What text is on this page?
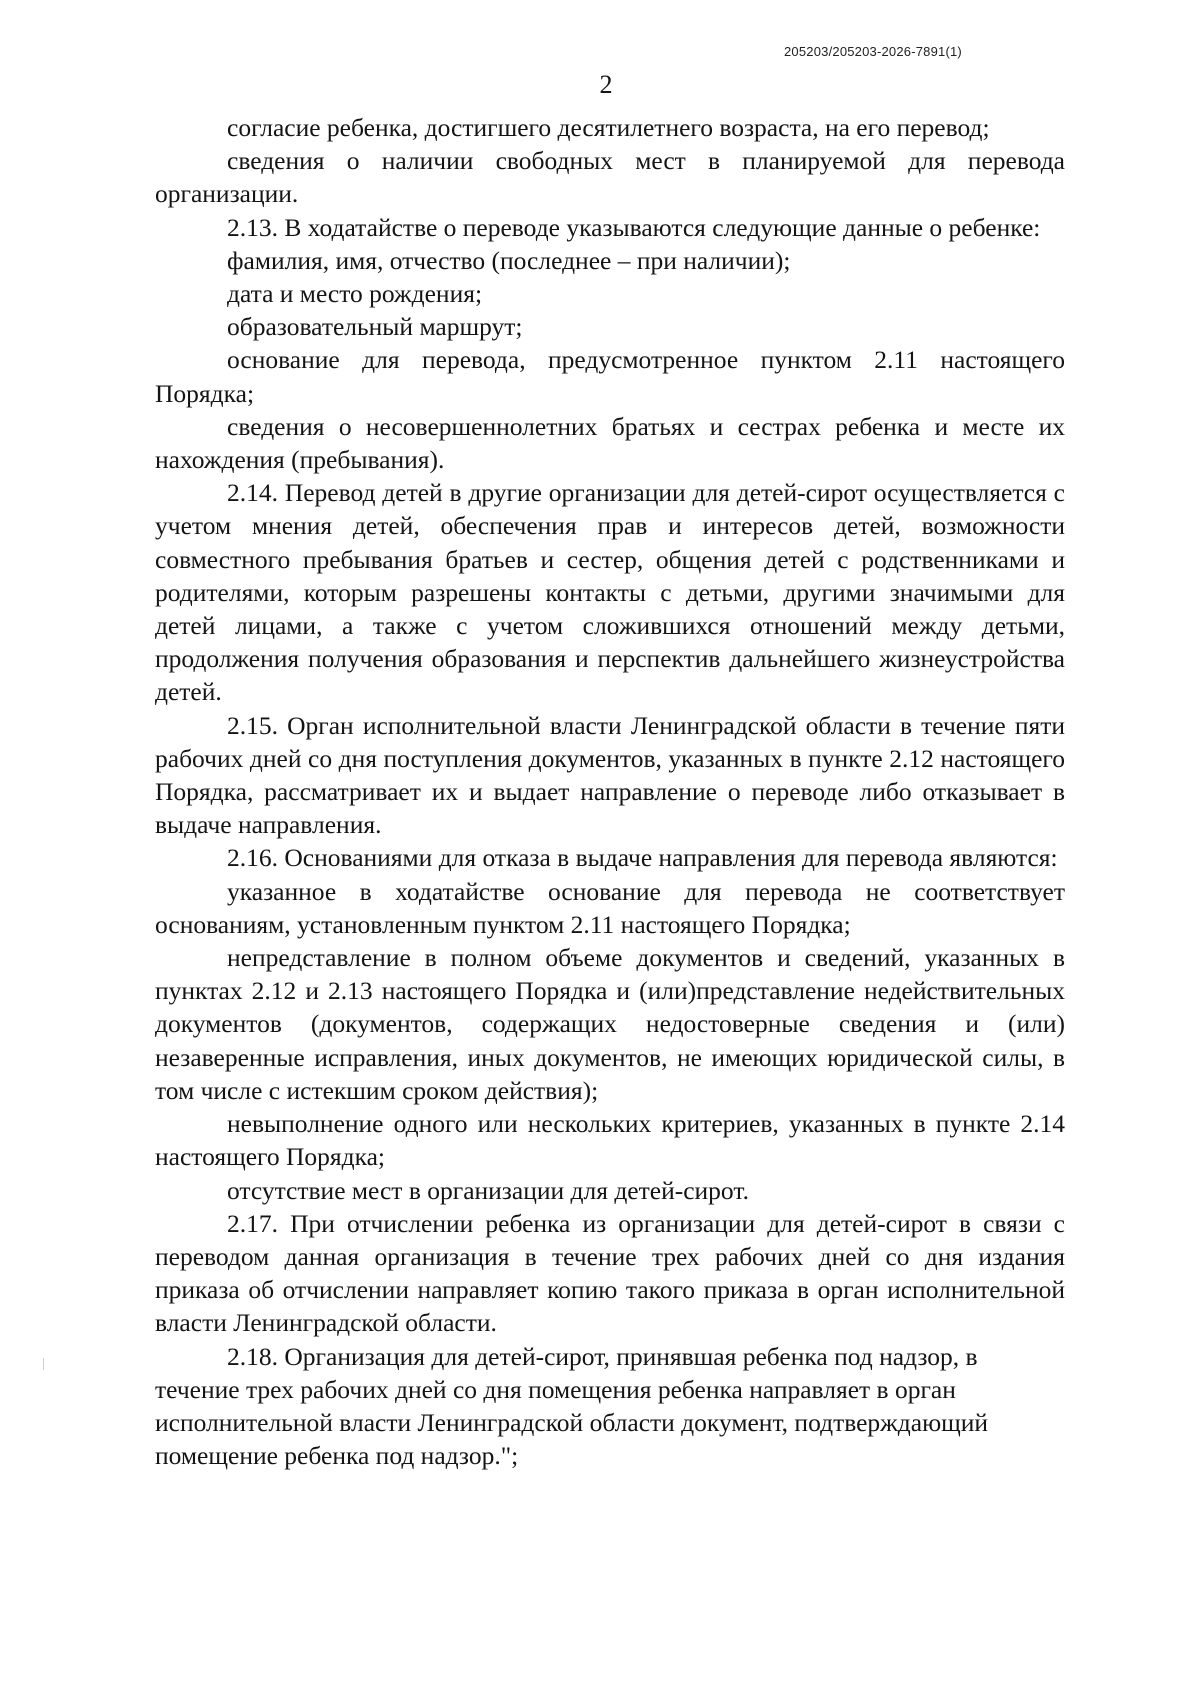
205203/205203-2026-7891(1)
2

согласие ребенка, достигшего десятилетнего возраста, на его перевод;

сведения о наличии свободных мест в планируемой для перевода организации.

2.13. В ходатайстве о переводе указываются следующие данные о ребенке:

фамилия, имя, отчество (последнее – при наличии);

дата и место рождения;

образовательный маршрут;

основание для перевода, предусмотренное пунктом 2.11 настоящего Порядка;

сведения о несовершеннолетних братьях и сестрах ребенка и месте их нахождения (пребывания).

2.14. Перевод детей в другие организации для детей-сирот осуществляется с учетом мнения детей, обеспечения прав и интересов детей, возможности совместного пребывания братьев и сестер, общения детей с родственниками и родителями, которым разрешены контакты с детьми, другими значимыми для детей лицами, а также с учетом сложившихся отношений между детьми, продолжения получения образования и перспектив дальнейшего жизнеустройства детей.

2.15. Орган исполнительной власти Ленинградской области в течение пяти рабочих дней со дня поступления документов, указанных в пункте 2.12 настоящего Порядка, рассматривает их и выдает направление о переводе либо отказывает в выдаче направления.

2.16. Основаниями для отказа в выдаче направления для перевода являются:

указанное в ходатайстве основание для перевода не соответствует основаниям, установленным пунктом 2.11 настоящего Порядка;

непредставление в полном объеме документов и сведений, указанных в пунктах 2.12 и 2.13 настоящего Порядка и (или)представление недействительных документов (документов, содержащих недостоверные сведения и (или) незаверенные исправления, иных документов, не имеющих юридической силы, в том числе с истекшим сроком действия);

невыполнение одного или нескольких критериев, указанных в пункте 2.14 настоящего Порядка;

отсутствие мест в организации для детей-сирот.

2.17. При отчислении ребенка из организации для детей-сирот в связи с переводом данная организация в течение трех рабочих дней со дня издания приказа об отчислении направляет копию такого приказа в орган исполнительной власти Ленинградской области.

2.18. Организация для детей-сирот, принявшая ребенка под надзор, в течение трех рабочих дней со дня помещения ребенка направляет в орган исполнительной власти Ленинградской области документ, подтверждающий помещение ребенка под надзор.";
